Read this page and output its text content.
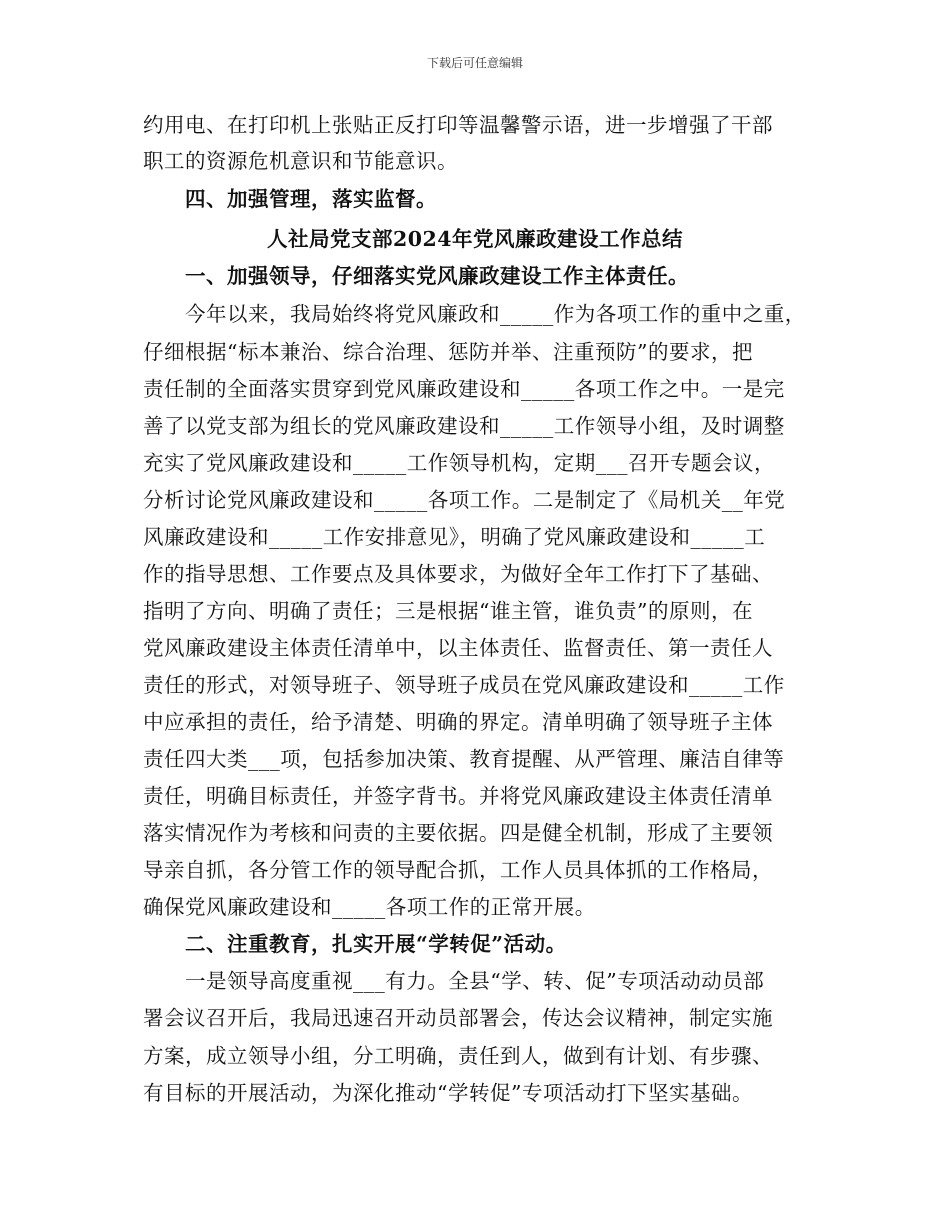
下载后可任意编辑
约用电、在打印机上张贴正反打印等温馨警示语，进一步增强了干部
职工的资源危机意识和节能意识。
四、加强管理，落实监督。
人社局党支部2024年党风廉政建设工作总结
一、加强领导，仔细落实党风廉政建设工作主体责任。
今年以来，我局始终将党风廉政和_____作为各项工作的重中之重，
仔细根据“标本兼治、综合治理、惩防并举、注重预防”的要求，把
责任制的全面落实贯穿到党风廉政建设和_____各项工作之中。一是完
善了以党支部为组长的党风廉政建设和_____工作领导小组，及时调整
充实了党风廉政建设和_____工作领导机构，定期___召开专题会议，
分析讨论党风廉政建设和_____各项工作。二是制定了《局机关__年党
风廉政建设和_____工作安排意见》，明确了党风廉政建设和_____工
作的指导思想、工作要点及具体要求，为做好全年工作打下了基础、
指明了方向、明确了责任；三是根据“谁主管，谁负责”的原则，在
党风廉政建设主体责任清单中，以主体责任、监督责任、第一责任人
责任的形式，对领导班子、领导班子成员在党风廉政建设和_____工作
中应承担的责任，给予清楚、明确的界定。清单明确了领导班子主体
责任四大类___项，包括参加决策、教育提醒、从严管理、廉洁自律等
责任，明确目标责任，并签字背书。并将党风廉政建设主体责任清单
落实情况作为考核和问责的主要依据。四是健全机制，形成了主要领
导亲自抓，各分管工作的领导配合抓，工作人员具体抓的工作格局，
确保党风廉政建设和_____各项工作的正常开展。
二、注重教育，扎实开展“学转促”活动。
一是领导高度重视___有力。全县“学、转、促”专项活动动员部
署会议召开后，我局迅速召开动员部署会，传达会议精神，制定实施
方案，成立领导小组，分工明确，责任到人，做到有计划、有步骤、
有目标的开展活动，为深化推动“学转促”专项活动打下坚实基础。
